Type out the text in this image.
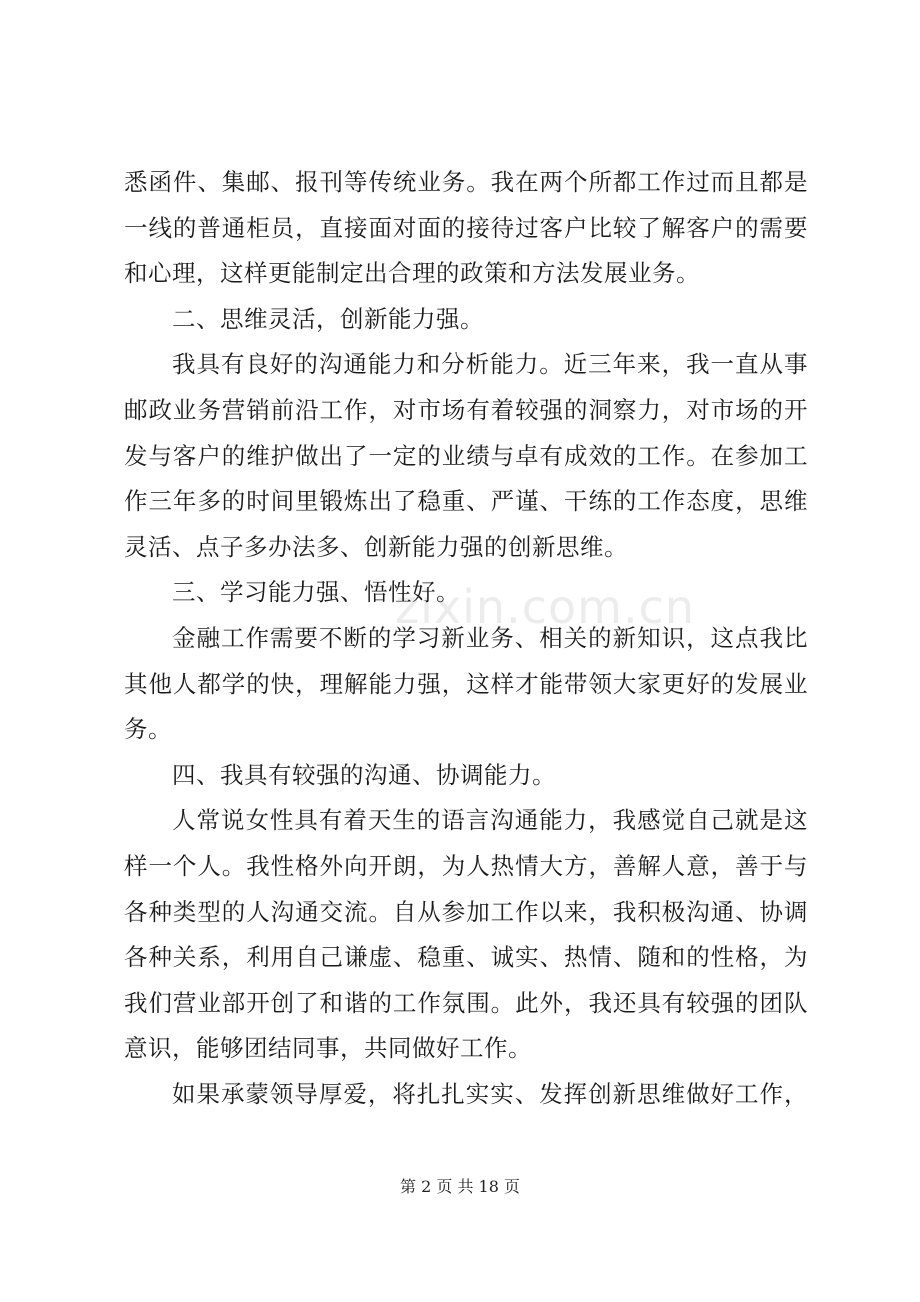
zixin.com.cn
悉函件、集邮、报刊等传统业务。我在两个所都工作过而且都是
一线的普通柜员，直接面对面的接待过客户比较了解客户的需要
和心理，这样更能制定出合理的政策和方法发展业务。
二、思维灵活，创新能力强。
我具有良好的沟通能力和分析能力。近三年来，我一直从事
邮政业务营销前沿工作，对市场有着较强的洞察力，对市场的开
发与客户的维护做出了一定的业绩与卓有成效的工作。在参加工
作三年多的时间里锻炼出了稳重、严谨、干练的工作态度，思维
灵活、点子多办法多、创新能力强的创新思维。
三、学习能力强、悟性好。
金融工作需要不断的学习新业务、相关的新知识，这点我比
其他人都学的快，理解能力强，这样才能带领大家更好的发展业
务。
四、我具有较强的沟通、协调能力。
人常说女性具有着天生的语言沟通能力，我感觉自己就是这
样一个人。我性格外向开朗，为人热情大方，善解人意，善于与
各种类型的人沟通交流。自从参加工作以来，我积极沟通、协调
各种关系，利用自己谦虚、稳重、诚实、热情、随和的性格，为
我们营业部开创了和谐的工作氛围。此外，我还具有较强的团队
意识，能够团结同事，共同做好工作。
如果承蒙领导厚爱，将扎扎实实、发挥创新思维做好工作，
第 2 页 共 18 页
